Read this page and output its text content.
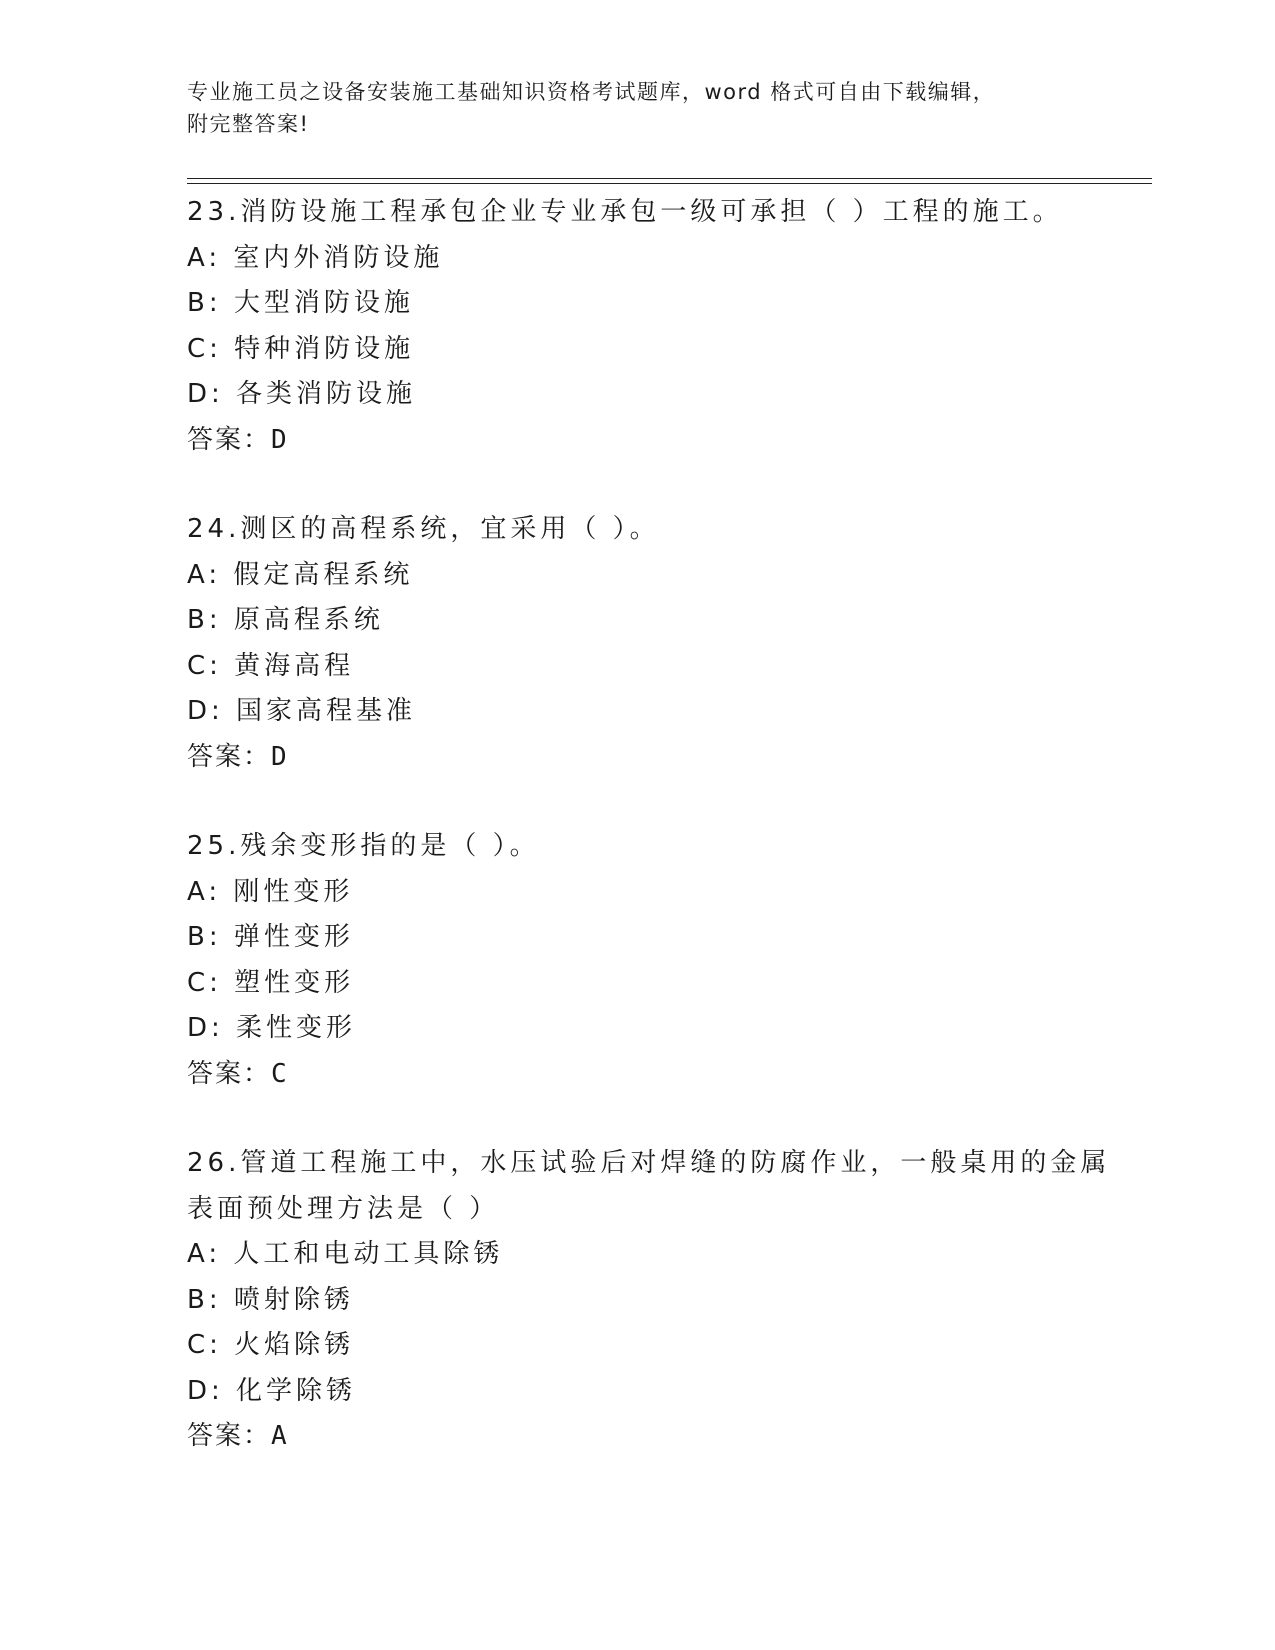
专业施工员之设备安装施工基础知识资格考试题库，word 格式可自由下载编辑，
附完整答案!
23.消防设施工程承包企业专业承包一级可承担（ ）工程的施工。
A: 室内外消防设施
B: 大型消防设施
C: 特种消防设施
D: 各类消防设施
答案：D
24.测区的高程系统，宜采用（ ）。
A: 假定高程系统
B: 原高程系统
C: 黄海高程
D: 国家高程基准
答案：D
25.残余变形指的是（ ）。
A: 刚性变形
B: 弹性变形
C: 塑性变形
D: 柔性变形
答案：C
26.管道工程施工中，水压试验后对焊缝的防腐作业，一般桌用的金属
表面预处理方法是（ ）
A: 人工和电动工具除锈
B: 喷射除锈
C: 火焰除锈
D: 化学除锈
答案：A
